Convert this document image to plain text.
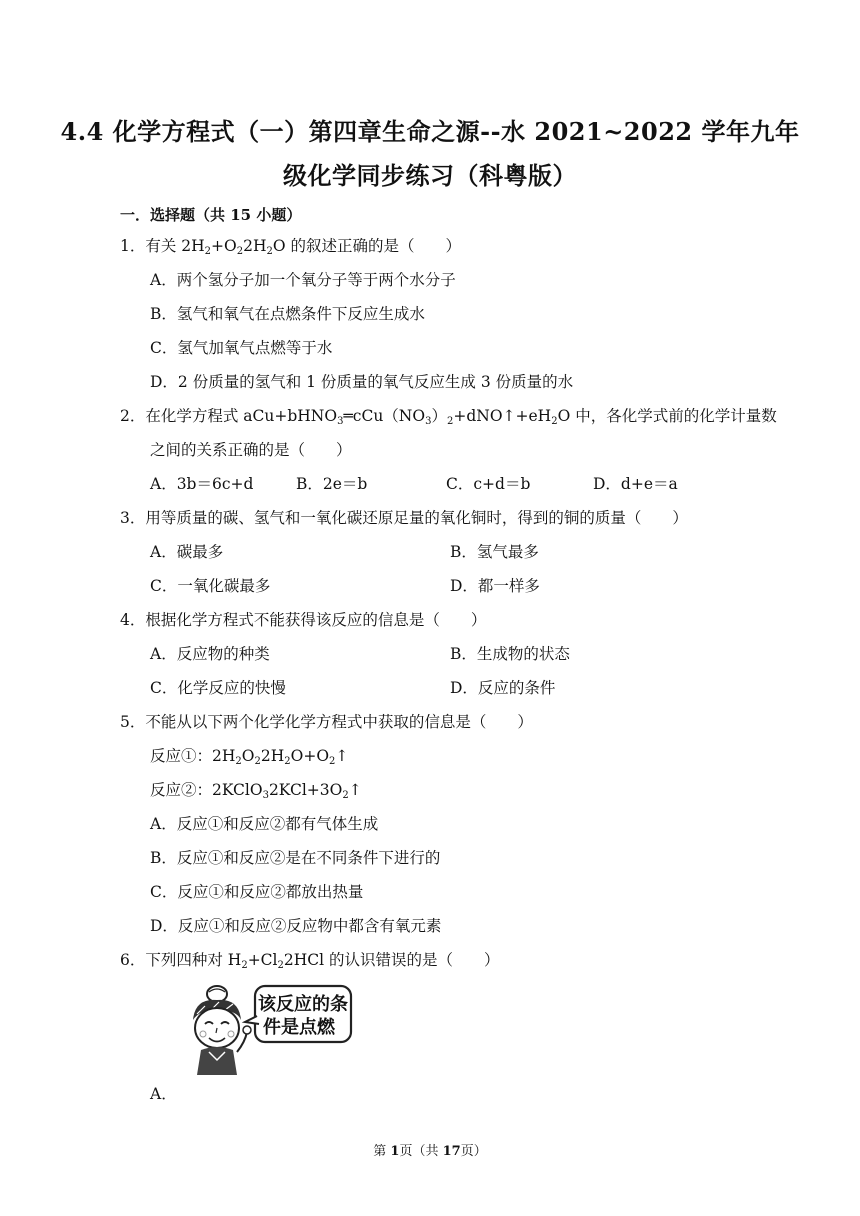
4.4 化学方程式（一）第四章生命之源--水 2021~2022 学年九年
级化学同步练习（科粤版）
一．选择题（共 15 小题）
1．有关 $2H_2+O_22H_2O$ 的叙述正确的是（　　）
A．两个氢分子加一个氧分子等于两个水分子
B．氢气和氧气在点燃条件下反应生成水
C．氢气加氧气点燃等于水
D．2 份质量的氢气和 1 份质量的氧气反应生成 3 份质量的水
2．在化学方程式 $aCu+bHNO_3═cCu(NO_3)_2+dNO↑+eH_2O$ 中，各化学式前的化学计量数
之间的关系正确的是（　　）
A．3b＝6c+d	B．2e＝b	C．c+d＝b	D．d+e＝a
3．用等质量的碳、氢气和一氧化碳还原足量的氧化铜时，得到的铜的质量（　　）
A．碳最多	B．氢气最多
C．一氧化碳最多	D．都一样多
4．根据化学方程式不能获得该反应的信息是（　　）
A．反应物的种类	B．生成物的状态
C．化学反应的快慢	D．反应的条件
5．不能从以下两个化学化学方程式中获取的信息是（　　）
反应①：$2H_2O_22H_2O+O_2↑$
反应②：$2KClO_32KCl+3O_2↑$
A．反应①和反应②都有气体生成
B．反应①和反应②是在不同条件下进行的
C．反应①和反应②都放出热量
D．反应①和反应②反应物中都含有氧元素
6．下列四种对 $H_2+Cl_22HCl$ 的认识错误的是（　　）
该反应的条
件是点燃
A．
第 1页（共 17页）
